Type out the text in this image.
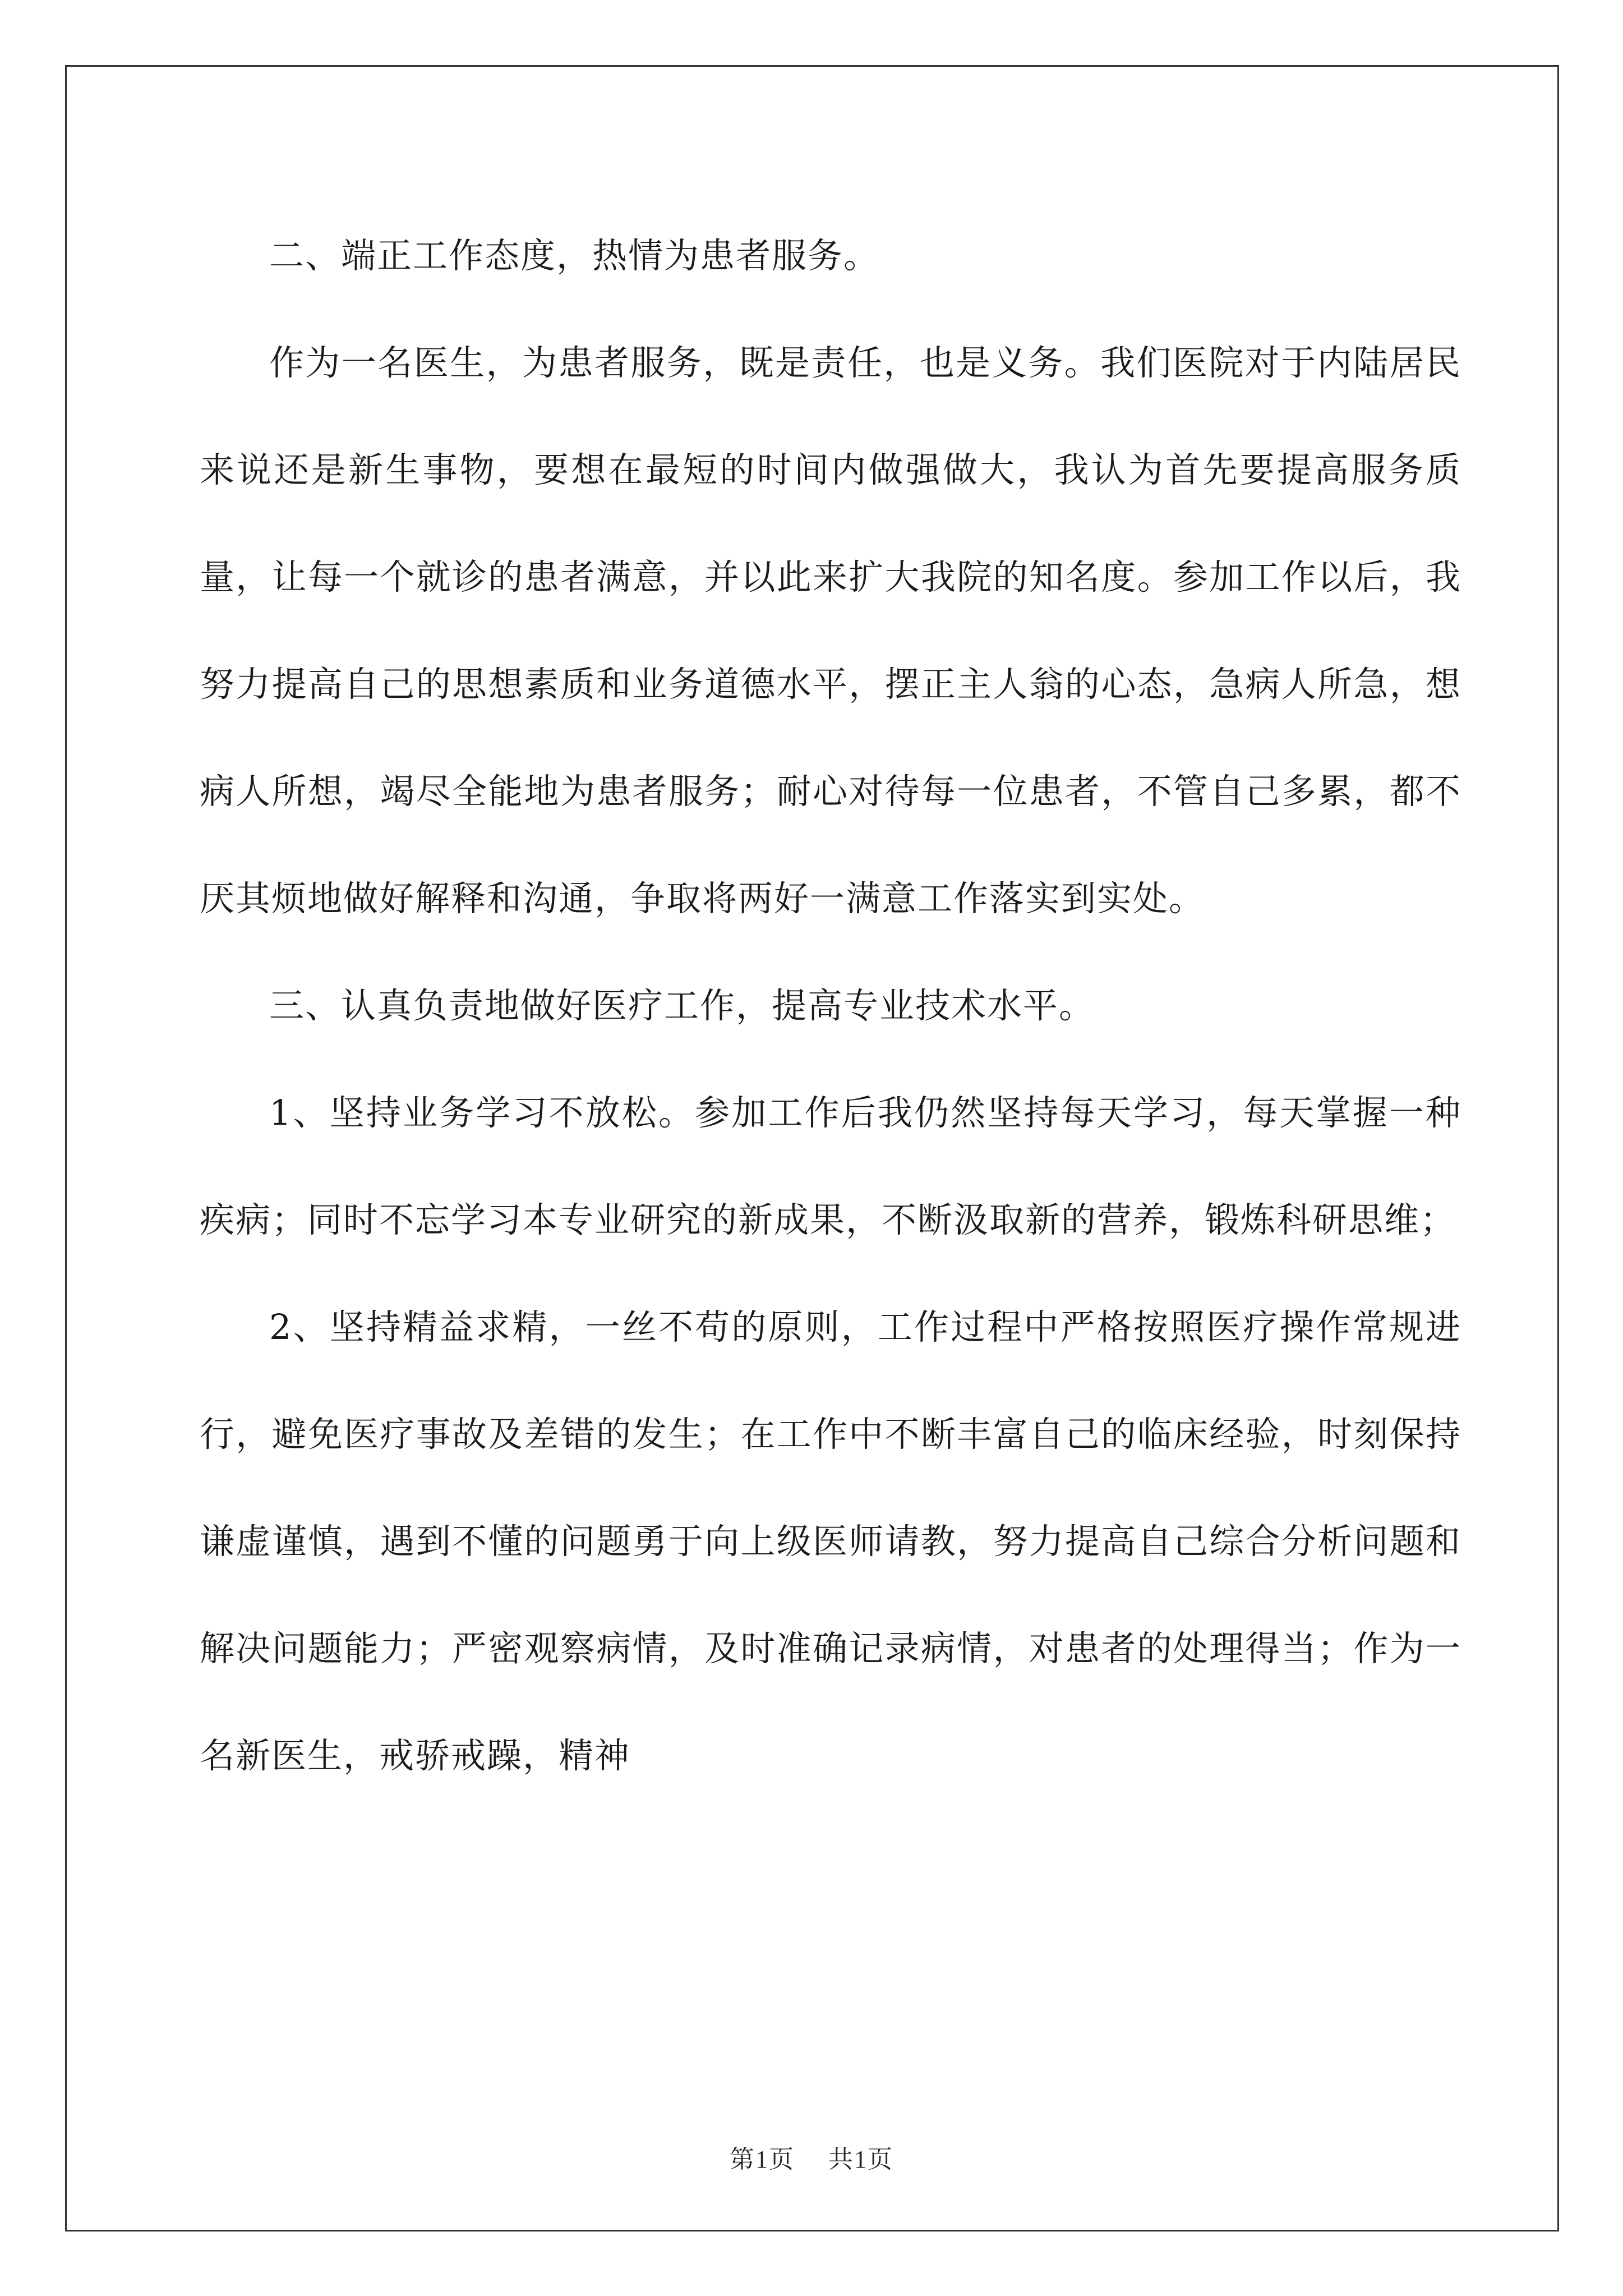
二、端正工作态度，热情为患者服务。

作为一名医生，为患者服务，既是责任，也是义务。我们医院对于内陆居民来说还是新生事物，要想在最短的时间内做强做大，我认为首先要提高服务质量，让每一个就诊的患者满意，并以此来扩大我院的知名度。参加工作以后，我努力提高自己的思想素质和业务道德水平，摆正主人翁的心态，急病人所急，想病人所想，竭尽全能地为患者服务；耐心对待每一位患者，不管自己多累，都不厌其烦地做好解释和沟通，争取将两好一满意工作落实到实处。

三、认真负责地做好医疗工作，提高专业技术水平。

1、坚持业务学习不放松。参加工作后我仍然坚持每天学习，每天掌握一种疾病；同时不忘学习本专业研究的新成果，不断汲取新的营养，锻炼科研思维；

2、坚持精益求精，一丝不苟的原则，工作过程中严格按照医疗操作常规进行，避免医疗事故及差错的发生；在工作中不断丰富自己的临床经验，时刻保持谦虚谨慎，遇到不懂的问题勇于向上级医师请教，努力提高自己综合分析问题和解决问题能力；严密观察病情，及时准确记录病情，对患者的处理得当；作为一名新医生，戒骄戒躁，精神

第1页 共1页
